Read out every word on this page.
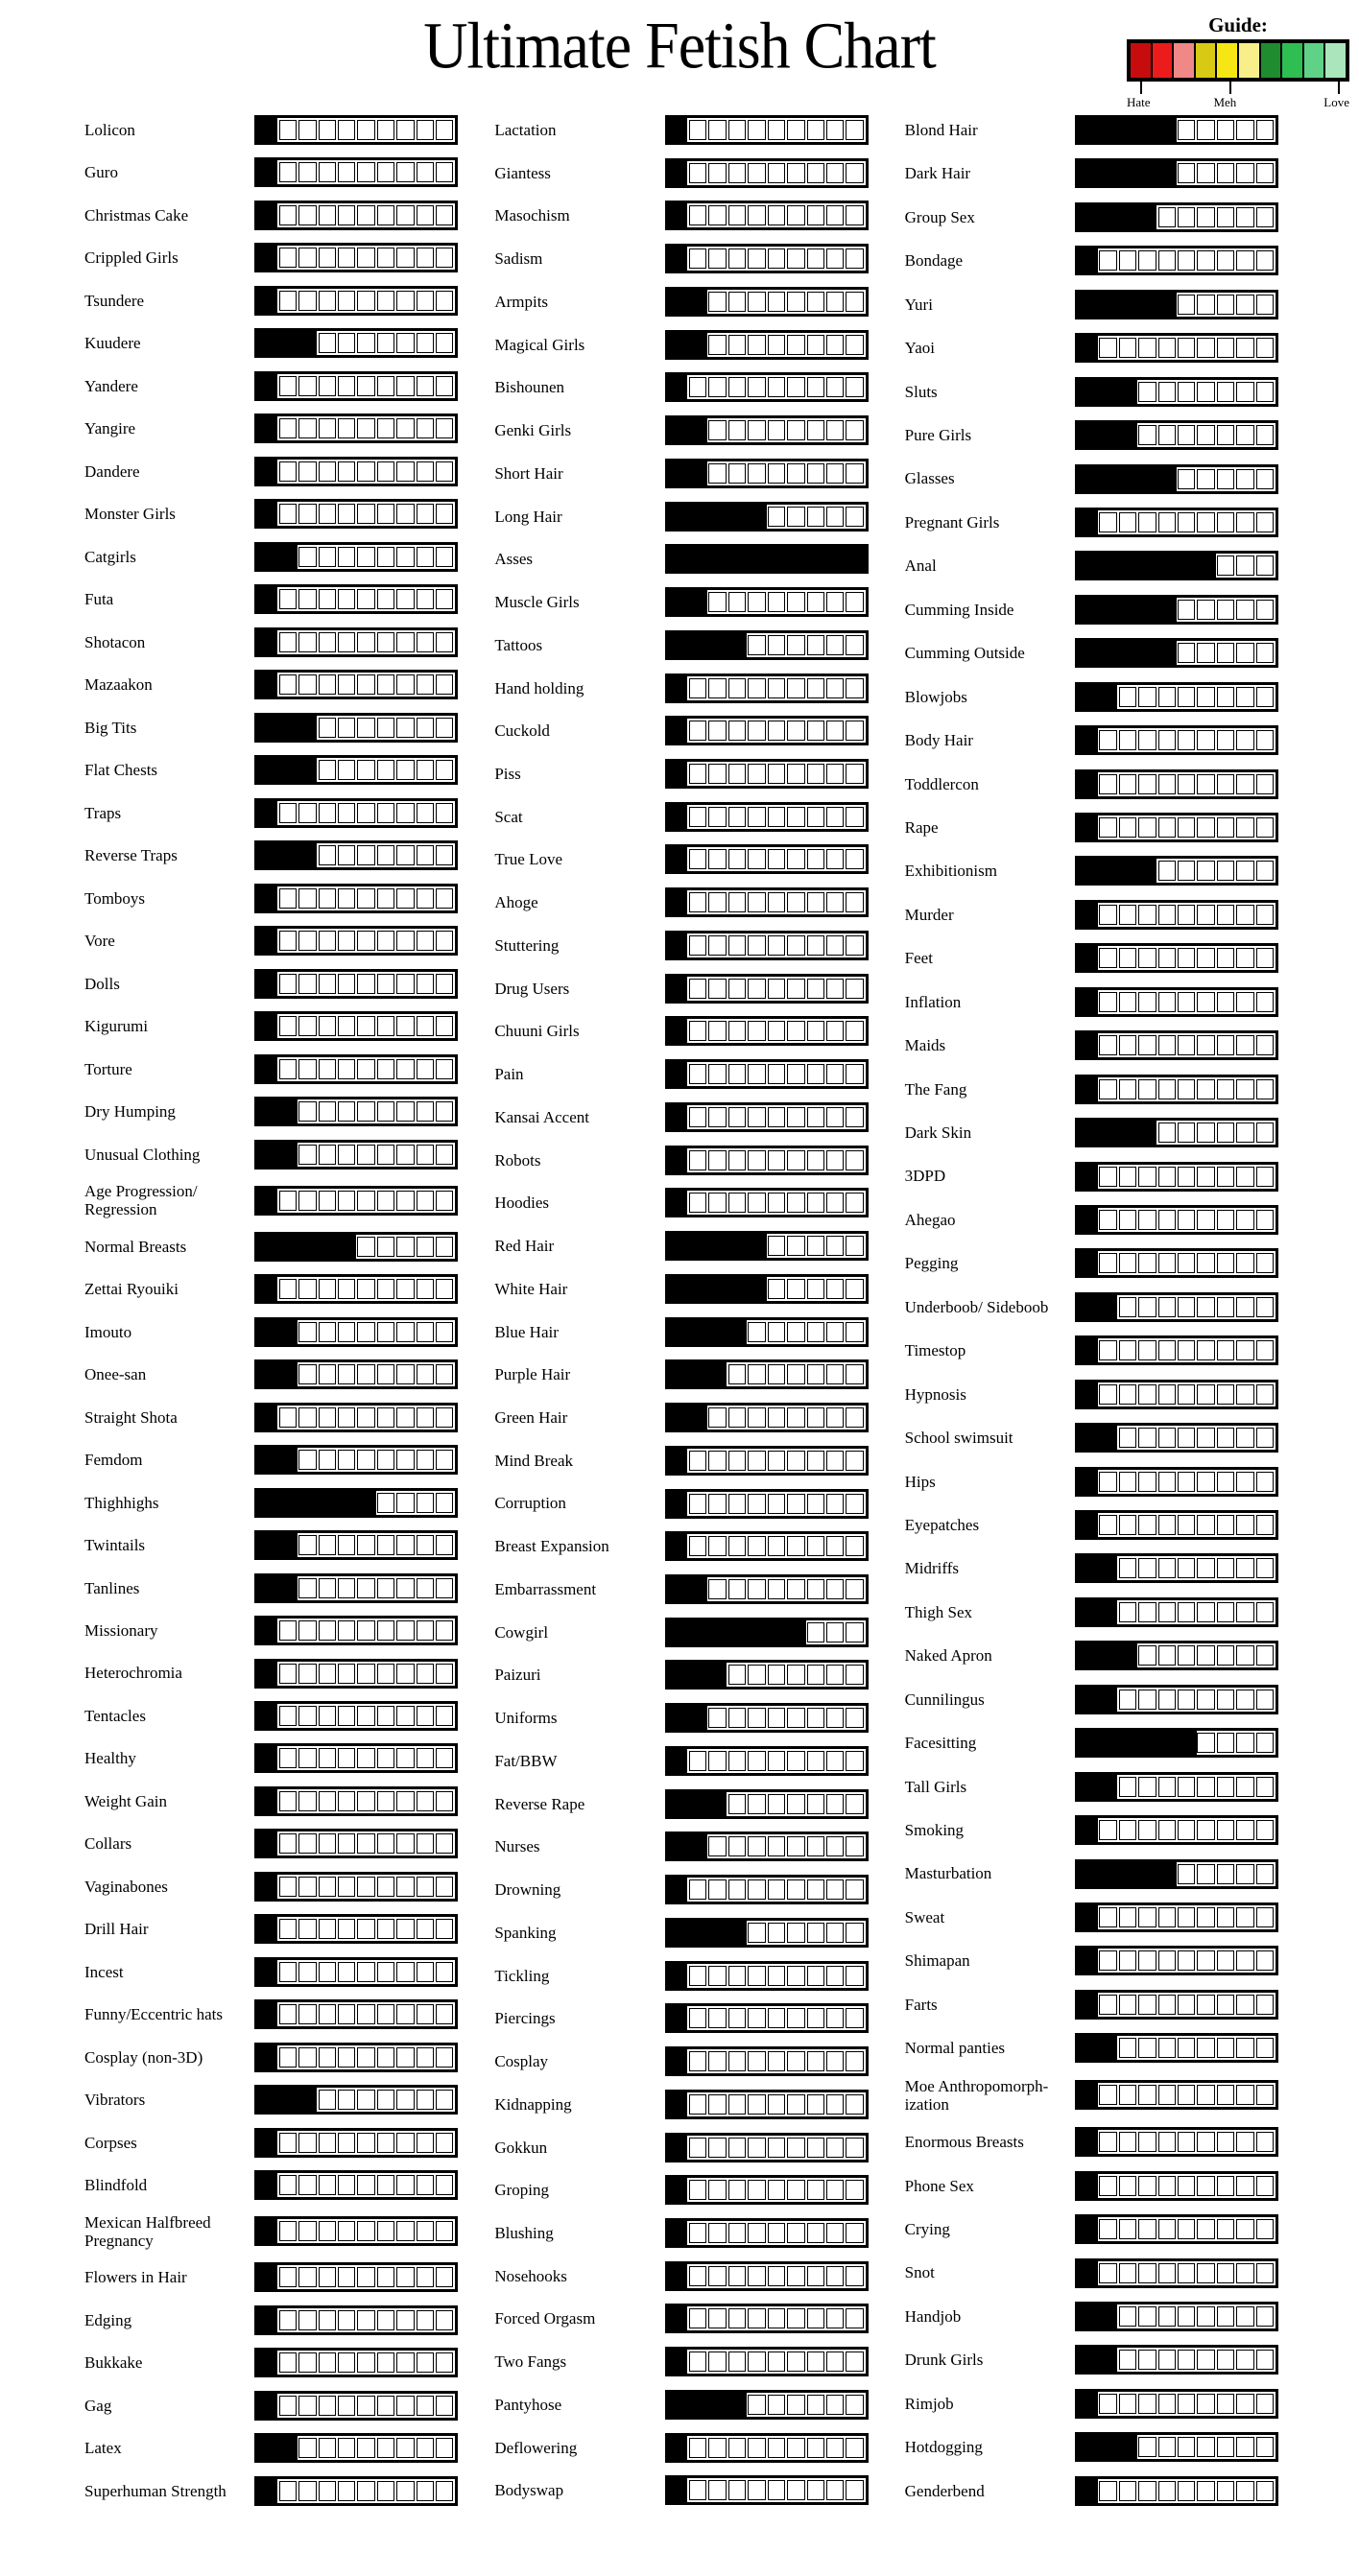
Ultimate Fetish Chart	Guide:
Hate	Meh	Love
Lolicon
Guro
Christmas Cake
Crippled Girls
Tsundere
Kuudere
Yandere
Yangire
Dandere
Monster Girls
Catgirls
Futa
Shotacon
Mazaakon
Big Tits
Flat Chests
Traps
Reverse Traps
Tomboys
Vore
Dolls
Kigurumi
Torture
Dry Humping
Unusual Clothing
Age Progression/ Regression
Normal Breasts
Zettai Ryouiki
Imouto
Onee-san
Straight Shota
Femdom
Thighhighs
Twintails
Tanlines
Missionary
Heterochromia
Tentacles
Healthy
Weight Gain
Collars
Vaginabones
Drill Hair
Incest
Funny/Eccentric hats
Cosplay (non-3D)
Vibrators
Corpses
Blindfold
Mexican Halfbreed Pregnancy
Flowers in Hair
Edging
Bukkake
Gag
Latex
Superhuman Strength
Lactation
Giantess
Masochism
Sadism
Armpits
Magical Girls
Bishounen
Genki Girls
Short Hair
Long Hair
Asses
Muscle Girls
Tattoos
Hand holding
Cuckold
Piss
Scat
True Love
Ahoge
Stuttering
Drug Users
Chuuni Girls
Pain
Kansai Accent
Robots
Hoodies
Red Hair
White Hair
Blue Hair
Purple Hair
Green Hair
Mind Break
Corruption
Breast Expansion
Embarrassment
Cowgirl
Paizuri
Uniforms
Fat/BBW
Reverse Rape
Nurses
Drowning
Spanking
Tickling
Piercings
Cosplay
Kidnapping
Gokkun
Groping
Blushing
Nosehooks
Forced Orgasm
Two Fangs
Pantyhose
Deflowering
Bodyswap
Blond Hair
Dark Hair
Group Sex
Bondage
Yuri
Yaoi
Sluts
Pure Girls
Glasses
Pregnant Girls
Anal
Cumming Inside
Cumming Outside
Blowjobs
Body Hair
Toddlercon
Rape
Exhibitionism
Murder
Feet
Inflation
Maids
The Fang
Dark Skin
3DPD
Ahegao
Pegging
Underboob/ Sideboob
Timestop
Hypnosis
School swimsuit
Hips
Eyepatches
Midriffs
Thigh Sex
Naked Apron
Cunnilingus
Facesitting
Tall Girls
Smoking
Masturbation
Sweat
Shimapan
Farts
Normal panties
Moe Anthropomorph- ization
Enormous Breasts
Phone Sex
Crying
Snot
Handjob
Drunk Girls
Rimjob
Hotdogging
Genderbend
